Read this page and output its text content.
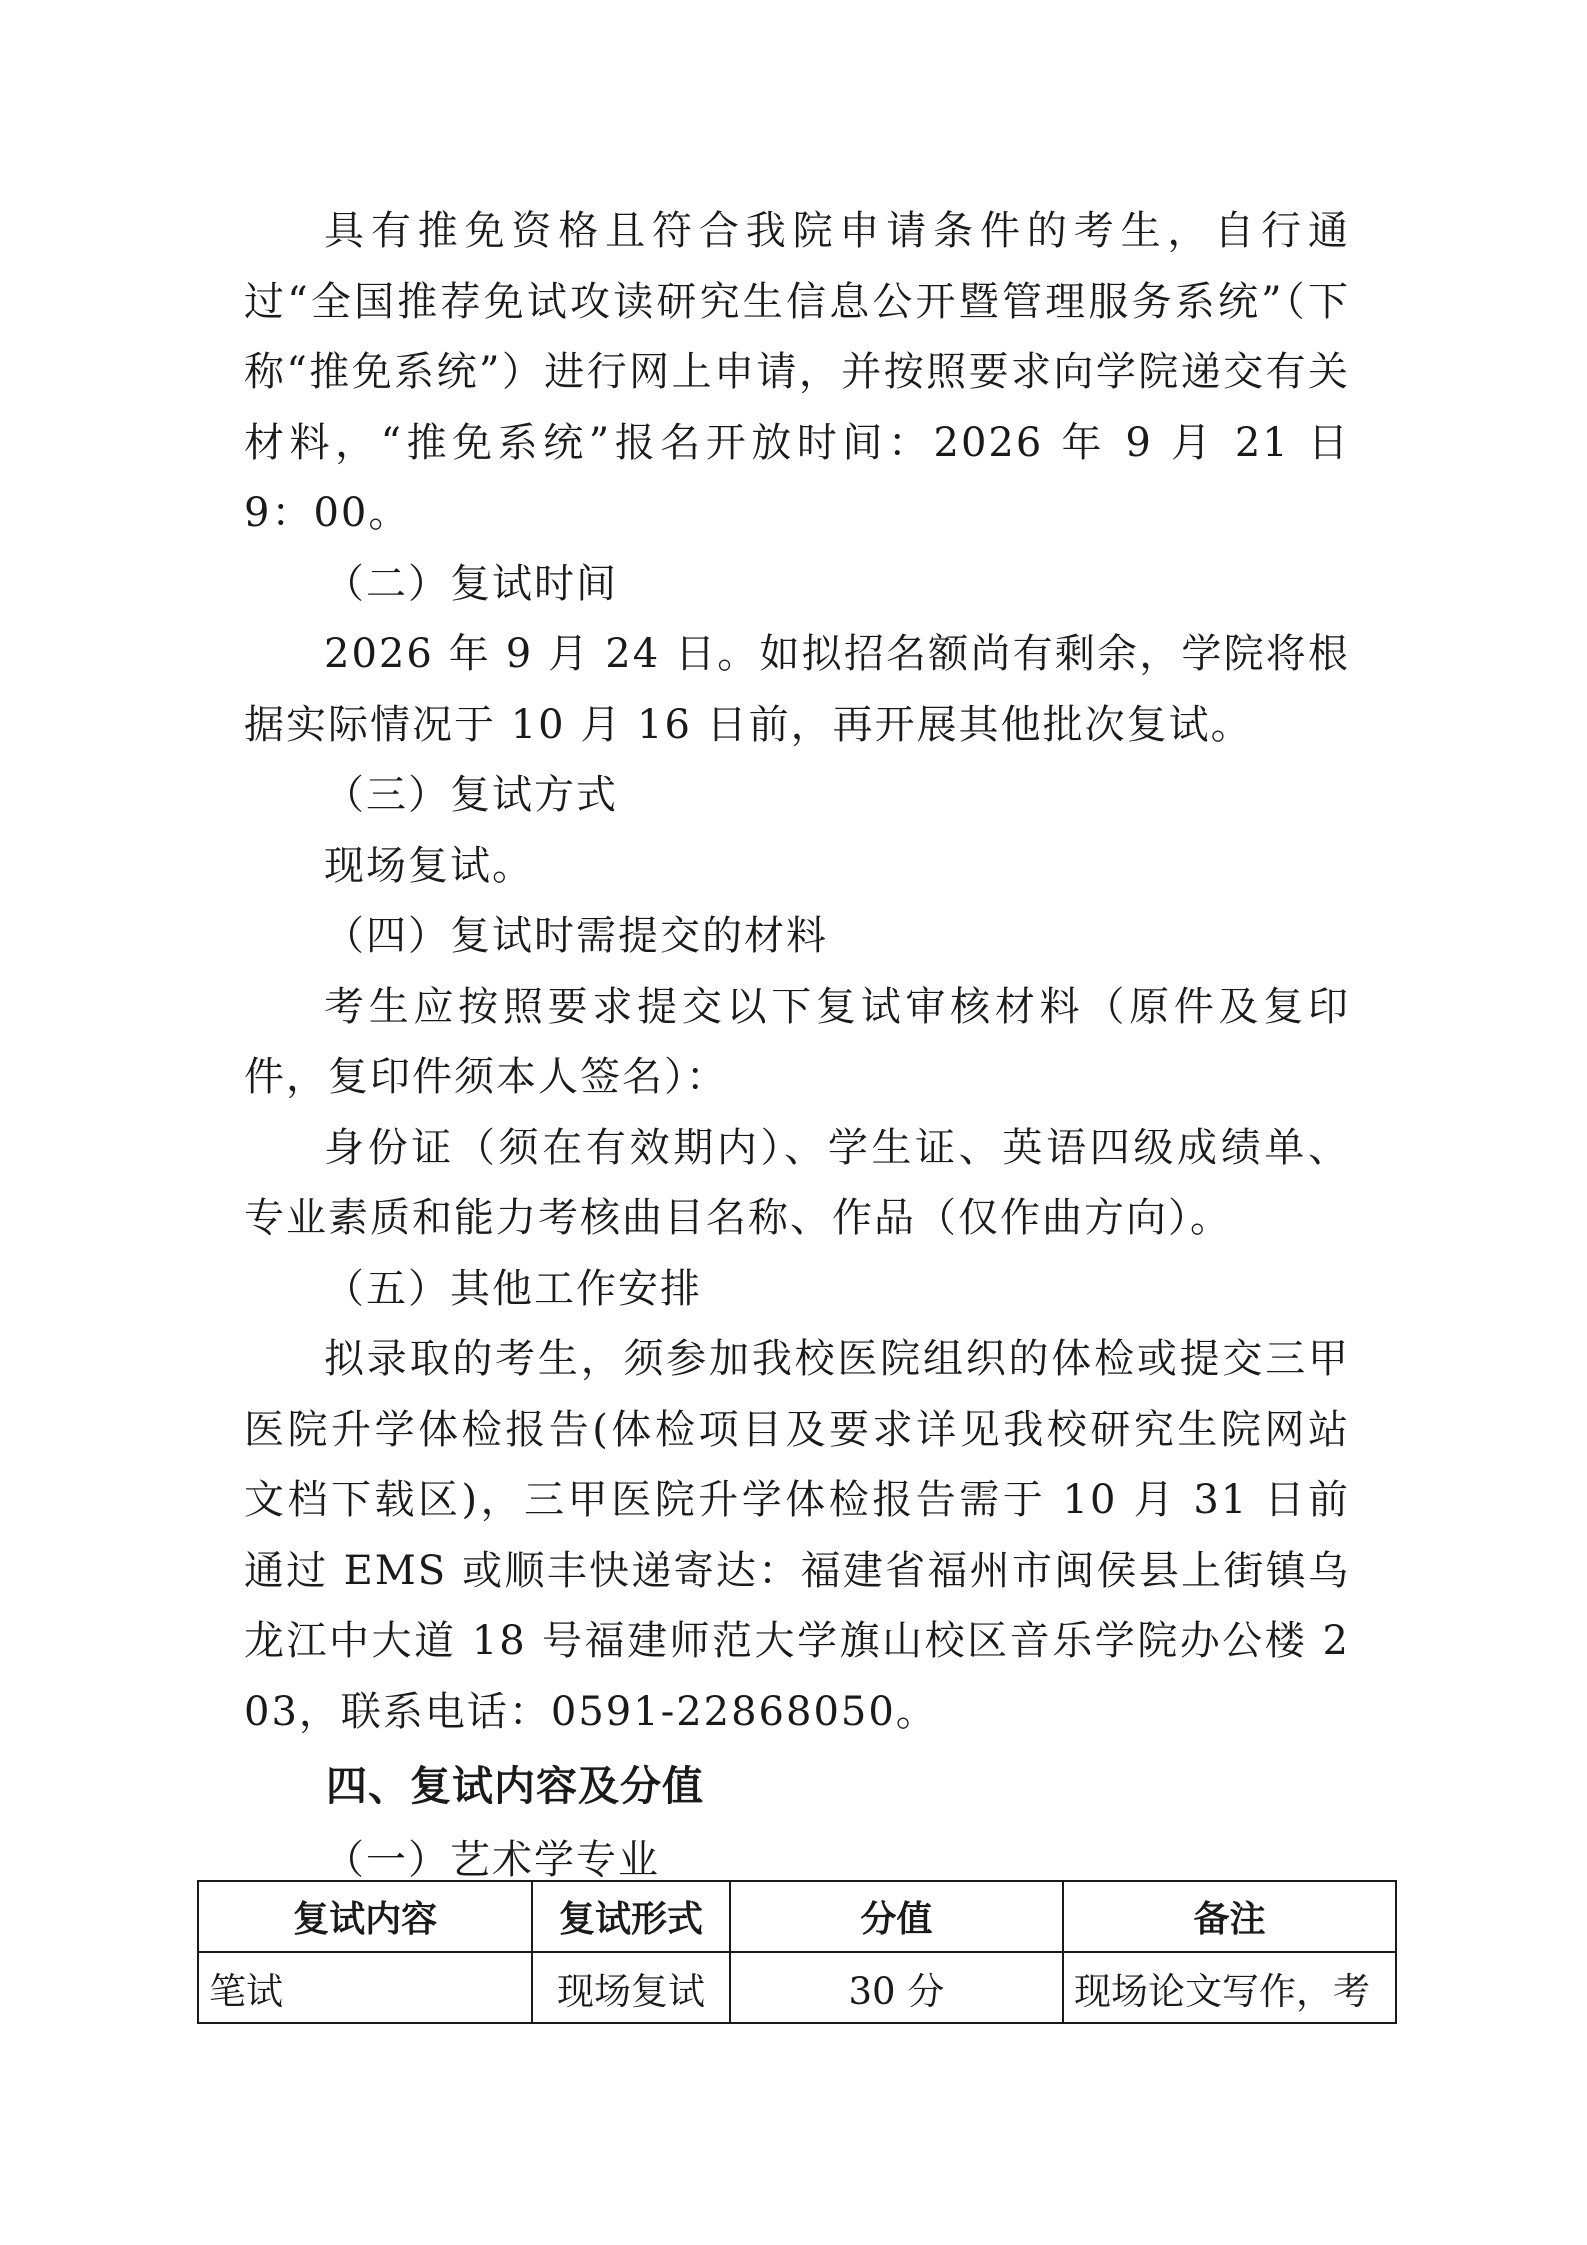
具有推免资格且符合我院申请条件的考生，自行通过“全国推荐免试攻读研究生信息公开暨管理服务系统”（下称“推免系统”）进行网上申请，并按照要求向学院递交有关材料，“推免系统”报名开放时间：2026 年 9 月 21 日 9：00。

（二）复试时间

2026 年 9 月 24 日。如拟招名额尚有剩余，学院将根据实际情况于 10 月 16 日前，再开展其他批次复试。

（三）复试方式

现场复试。

（四）复试时需提交的材料

考生应按照要求提交以下复试审核材料（原件及复印件，复印件须本人签名）：

身份证（须在有效期内）、学生证、英语四级成绩单、专业素质和能力考核曲目名称、作品（仅作曲方向）。

（五）其他工作安排

拟录取的考生，须参加我校医院组织的体检或提交三甲医院升学体检报告(体检项目及要求详见我校研究生院网站文档下载区)，三甲医院升学体检报告需于 10 月 31 日前通过 EMS 或顺丰快递寄达：福建省福州市闽侯县上街镇乌龙江中大道 18 号福建师范大学旗山校区音乐学院办公楼 203，联系电话：0591-22868050。

四、复试内容及分值

（一）艺术学专业

复试内容	复试形式	分值	备注
笔试	现场复试	30 分	现场论文写作，考
